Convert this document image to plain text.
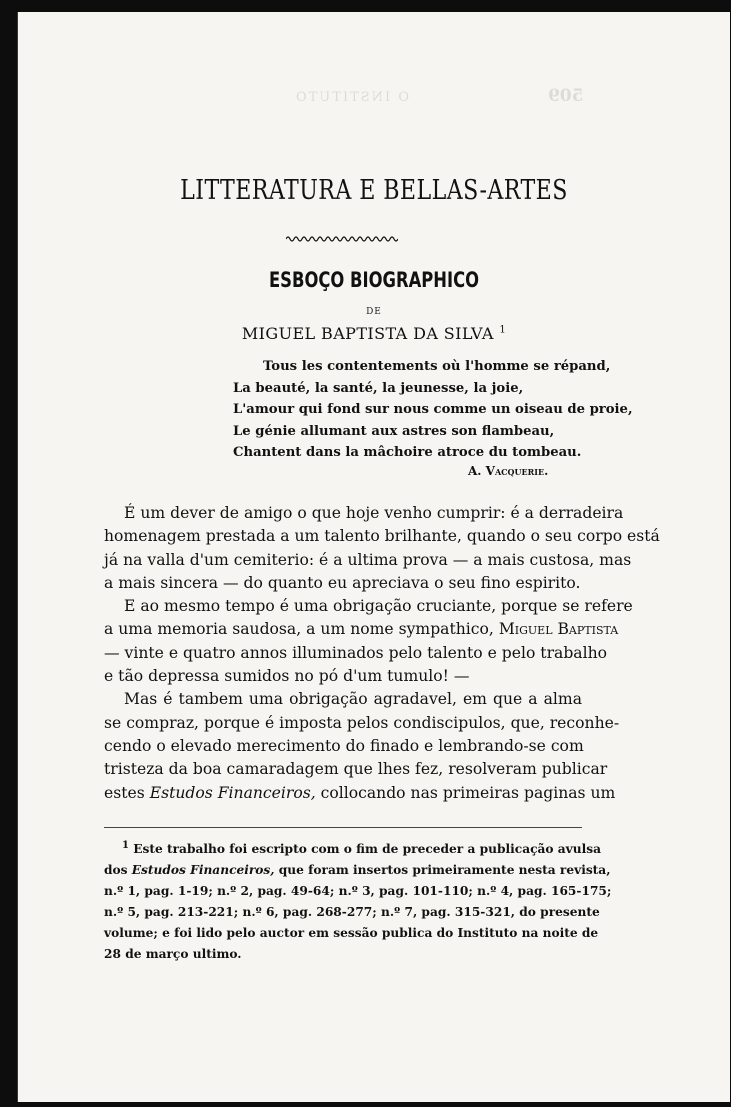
O INSTITUTO	509
LITTERATURA E BELLAS-ARTES
ESBOÇO BIOGRAPHICO
DE
MIGUEL BAPTISTA DA SILVA $^1$
Tous les contentements où l'homme se répand,
La beauté, la santé, la jeunesse, la joie,
L'amour qui fond sur nous comme un oiseau de proie,
Le génie allumant aux astres son flambeau,
Chantent dans la mâchoire atroce du tombeau.
A. Vacquerie.
É um dever de amigo o que hoje venho cumprir: é a derradeira
homenagem prestada a um talento brilhante, quando o seu corpo está
já na valla d'um cemiterio: é a ultima prova — a mais custosa, mas
a mais sincera — do quanto eu apreciava o seu fino espirito.
E ao mesmo tempo é uma obrigação cruciante, porque se refere
a uma memoria saudosa, a um nome sympathico, Miguel Baptista
— vinte e quatro annos illuminados pelo talento e pelo trabalho
e tão depressa sumidos no pó d'um tumulo! —
Mas é tambem uma obrigação agradavel, em que a alma
se compraz, porque é imposta pelos condiscipulos, que, reconhe-
cendo o elevado merecimento do finado e lembrando-se com
tristeza da boa camaradagem que lhes fez, resolveram publicar
estes Estudos Financeiros, collocando nas primeiras paginas um
$^1$ Este trabalho foi escripto com o fim de preceder a publicação avulsa
dos Estudos Financeiros, que foram insertos primeiramente nesta revista,
n.º 1, pag. 1-19; n.º 2, pag. 49-64; n.º 3, pag. 101-110; n.º 4, pag. 165-175;
n.º 5, pag. 213-221; n.º 6, pag. 268-277; n.º 7, pag. 315-321, do presente
volume; e foi lido pelo auctor em sessão publica do Instituto na noite de
28 de março ultimo.
